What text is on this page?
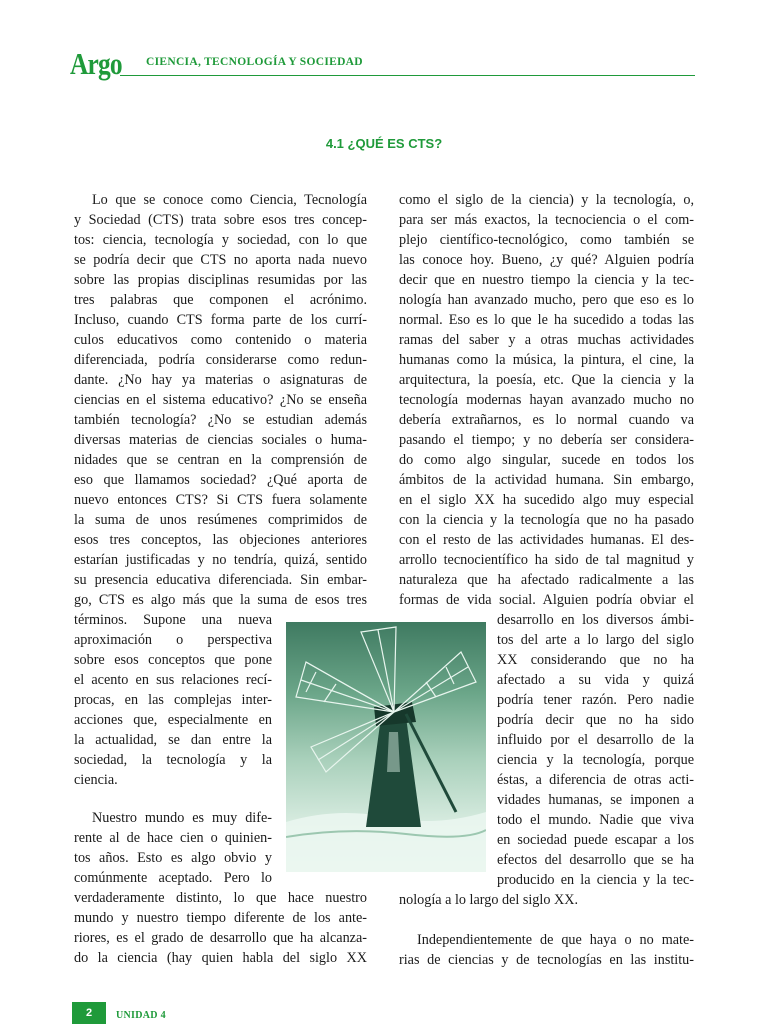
Argo CIENCIA, TECNOLOGÍA Y SOCIEDAD
4.1 ¿QUÉ ES CTS?
Lo que se conoce como Ciencia, Tecnología
y Sociedad (CTS) trata sobre esos tres concep-
tos: ciencia, tecnología y sociedad, con lo que
se podría decir que CTS no aporta nada nuevo
sobre las propias disciplinas resumidas por las
tres palabras que componen el acrónimo.
Incluso, cuando CTS forma parte de los currí-
culos educativos como contenido o materia
diferenciada, podría considerarse como redun-
dante. ¿No hay ya materias o asignaturas de
ciencias en el sistema educativo? ¿No se enseña
también tecnología? ¿No se estudian además
diversas materias de ciencias sociales o huma-
nidades que se centran en la comprensión de
eso que llamamos sociedad? ¿Qué aporta de
nuevo entonces CTS? Si CTS fuera solamente
la suma de unos resúmenes comprimidos de
esos tres conceptos, las objeciones anteriores
estarían justificadas y no tendría, quizá, sentido
su presencia educativa diferenciada. Sin embar-
go, CTS es algo más que la suma de esos tres
términos. Supone una nueva
aproximación o perspectiva
sobre esos conceptos que pone
el acento en sus relaciones recí-
procas, en las complejas inter-
acciones que, especialmente en
la actualidad, se dan entre la
sociedad, la tecnología y la
ciencia.
Nuestro mundo es muy dife-
rente al de hace cien o quinien-
tos años. Esto es algo obvio y
comúnmente aceptado. Pero lo
verdaderamente distinto, lo que hace nuestro
mundo y nuestro tiempo diferente de los ante-
riores, es el grado de desarrollo que ha alcanza-
do la ciencia (hay quien habla del siglo XX
como el siglo de la ciencia) y la tecnología, o,
para ser más exactos, la tecnociencia o el com-
plejo científico-tecnológico, como también se
las conoce hoy. Bueno, ¿y qué? Alguien podría
decir que en nuestro tiempo la ciencia y la tec-
nología han avanzado mucho, pero que eso es lo
normal. Eso es lo que le ha sucedido a todas las
ramas del saber y a otras muchas actividades
humanas como la música, la pintura, el cine, la
arquitectura, la poesía, etc. Que la ciencia y la
tecnología modernas hayan avanzado mucho no
debería extrañarnos, es lo normal cuando va
pasando el tiempo; y no debería ser considera-
do como algo singular, sucede en todos los
ámbitos de la actividad humana. Sin embargo,
en el siglo XX ha sucedido algo muy especial
con la ciencia y la tecnología que no ha pasado
con el resto de las actividades humanas. El des-
arrollo tecnocientífico ha sido de tal magnitud y
naturaleza que ha afectado radicalmente a las
formas de vida social. Alguien podría obviar el
desarrollo en los diversos ámbi-
tos del arte a lo largo del siglo
XX considerando que no ha
afectado a su vida y quizá
podría tener razón. Pero nadie
podría decir que no ha sido
influido por el desarrollo de la
ciencia y la tecnología, porque
éstas, a diferencia de otras acti-
vidades humanas, se imponen a
todo el mundo. Nadie que viva
en sociedad puede escapar a los
efectos del desarrollo que se ha
producido en la ciencia y la tec-
nología a lo largo del siglo XX.
Independientemente de que haya o no mate-
rias de ciencias y de tecnologías en las institu-
2	UNIDAD 4
